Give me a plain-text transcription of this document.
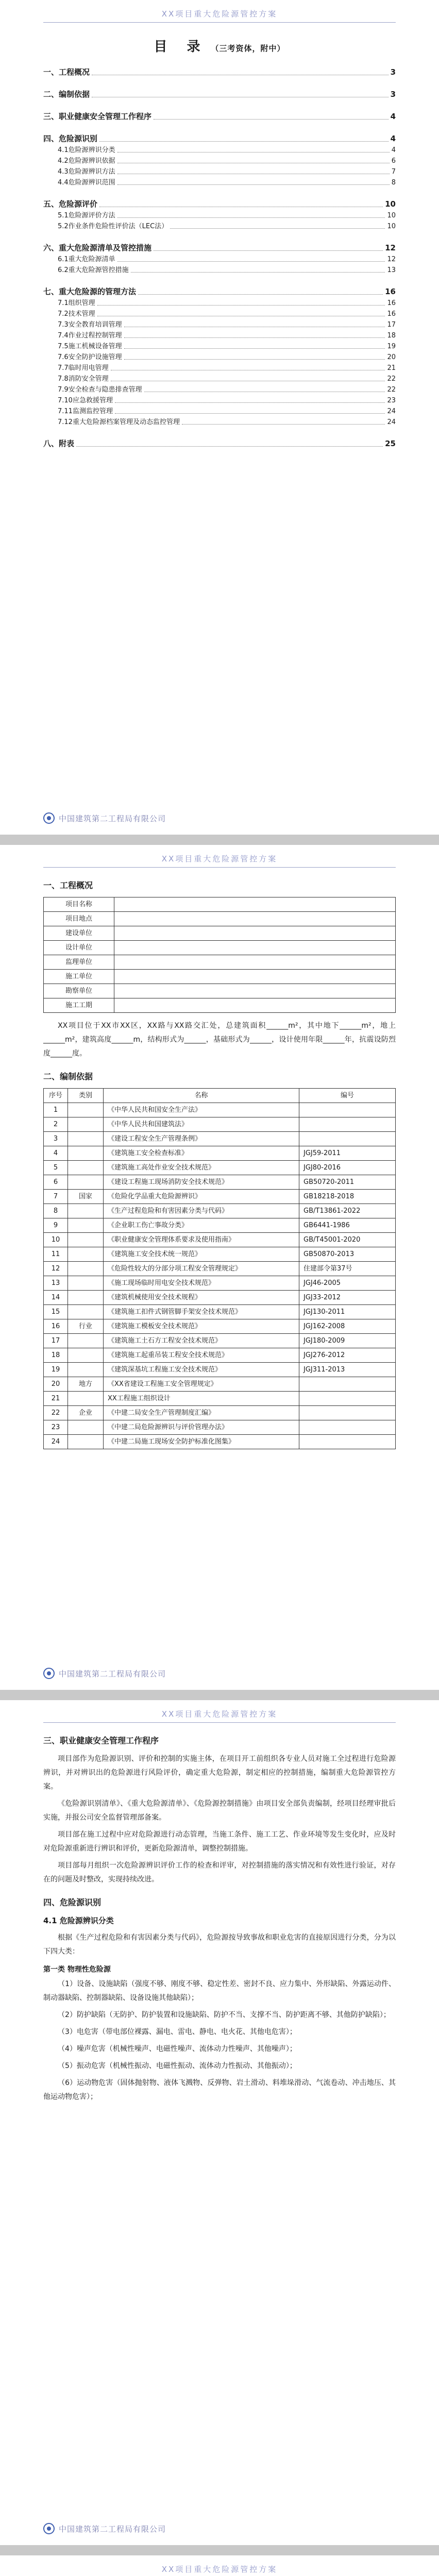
XX项目重大危险源管控方案
目　录 （三考资体，附中）
一、工程概况	3
二、编制依据	3
三、职业健康安全管理工作程序	4
四、危险源识别	4
4.1危险源辨识分类	4
4.2危险源辨识依据	6
4.3危险源辨识方法	7
4.4危险源辨识范围	8
五、危险源评价	10
5.1危险源评价方法	10
5.2作业条件危险性评价法（LEC法）	10
六、重大危险源清单及管控措施	12
6.1重大危险源清单	12
6.2重大危险源管控措施	13
七、重大危险源的管理方法	16
7.1组织管理	16
7.2技术管理	16
7.3安全教育培训管理	17
7.4作业过程控制管理	18
7.5施工机械设备管理	19
7.6安全防护设施管理	20
7.7临时用电管理	21
7.8消防安全管理	22
7.9安全检查与隐患排查管理	22
7.10应急救援管理	23
7.11监测监控管理	24
7.12重大危险源档案管理及动态监控管理	24
八、附表	25
中国建筑第二工程局有限公司
XX项目重大危险源管控方案
一、工程概况
项目名称	
项目地点	
建设单位	
设计单位	
监理单位	
施工单位	
勘察单位	
施工工期	

XX项目位于XX市XX区，XX路与XX路交汇处，总建筑面积______m²，其中地下______m²，地上______m²，建筑高度______m，结构形式为______，基础形式为______，设计使用年限______年，抗震设防烈度______度。

二、编制依据
序号	类别	名称	编号
1		《中华人民共和国安全生产法》	
2		《中华人民共和国建筑法》	
3		《建设工程安全生产管理条例》	
4		《建筑施工安全检查标准》	JGJ59-2011
5		《建筑施工高处作业安全技术规范》	JGJ80-2016
6		《建设工程施工现场消防安全技术规范》	GB50720-2011
7	国家	《危险化学品重大危险源辨识》	GB18218-2018
8		《生产过程危险和有害因素分类与代码》	GB/T13861-2022
9		《企业职工伤亡事故分类》	GB6441-1986
10		《职业健康安全管理体系要求及使用指南》	GB/T45001-2020
11		《建筑施工安全技术统一规范》	GB50870-2013
12		《危险性较大的分部分项工程安全管理规定》	住建部令第37号
13		《施工现场临时用电安全技术规范》	JGJ46-2005
14		《建筑机械使用安全技术规程》	JGJ33-2012
15		《建筑施工扣件式钢管脚手架安全技术规范》	JGJ130-2011
16	行业	《建筑施工模板安全技术规范》	JGJ162-2008
17		《建筑施工土石方工程安全技术规范》	JGJ180-2009
18		《建筑施工起重吊装工程安全技术规范》	JGJ276-2012
19		《建筑深基坑工程施工安全技术规范》	JGJ311-2013
20	地方	《XX省建设工程施工安全管理规定》	
21		XX工程施工组织设计	
22	企业	《中建二局安全生产管理制度汇编》	
23		《中建二局危险源辨识与评价管理办法》	
24		《中建二局施工现场安全防护标准化图集》	
中国建筑第二工程局有限公司
XX项目重大危险源管控方案
三、职业健康安全管理工作程序

项目部作为危险源识别、评价和控制的实施主体，在项目开工前组织各专业人员对施工全过程进行危险源辨识，并对辨识出的危险源进行风险评价，确定重大危险源，制定相应的控制措施，编制重大危险源管控方案。

《危险源识别清单》、《重大危险源清单》、《危险源控制措施》由项目安全部负责编制，经项目经理审批后实施，并报公司安全监督管理部备案。

项目部在施工过程中应对危险源进行动态管理，当施工条件、施工工艺、作业环境等发生变化时，应及时对危险源重新进行辨识和评价，更新危险源清单，调整控制措施。

项目部每月组织一次危险源辨识评价工作的检查和评审，对控制措施的落实情况和有效性进行验证，对存在的问题及时整改，实现持续改进。

四、危险源识别
4.1 危险源辨识分类

根据《生产过程危险和有害因素分类与代码》，危险源按导致事故和职业危害的直接原因进行分类，分为以下四大类：

第一类 物理性危险源

（1）设备、设施缺陷（强度不够、刚度不够、稳定性差、密封不良、应力集中、外形缺陷、外露运动件、制动器缺陷、控制器缺陷、设备设施其他缺陷）；

（2）防护缺陷（无防护、防护装置和设施缺陷、防护不当、支撑不当、防护距离不够、其他防护缺陷）；

（3）电危害（带电部位裸露、漏电、雷电、静电、电火花、其他电危害）；

（4）噪声危害（机械性噪声、电磁性噪声、流体动力性噪声、其他噪声）；

（5）振动危害（机械性振动、电磁性振动、流体动力性振动、其他振动）；

（6）运动物危害（固体抛射物、液体飞溅物、反弹物、岩土滑动、料堆垛滑动、气流卷动、冲击地压、其他运动物危害）；

中国建筑第二工程局有限公司
XX项目重大危险源管控方案
